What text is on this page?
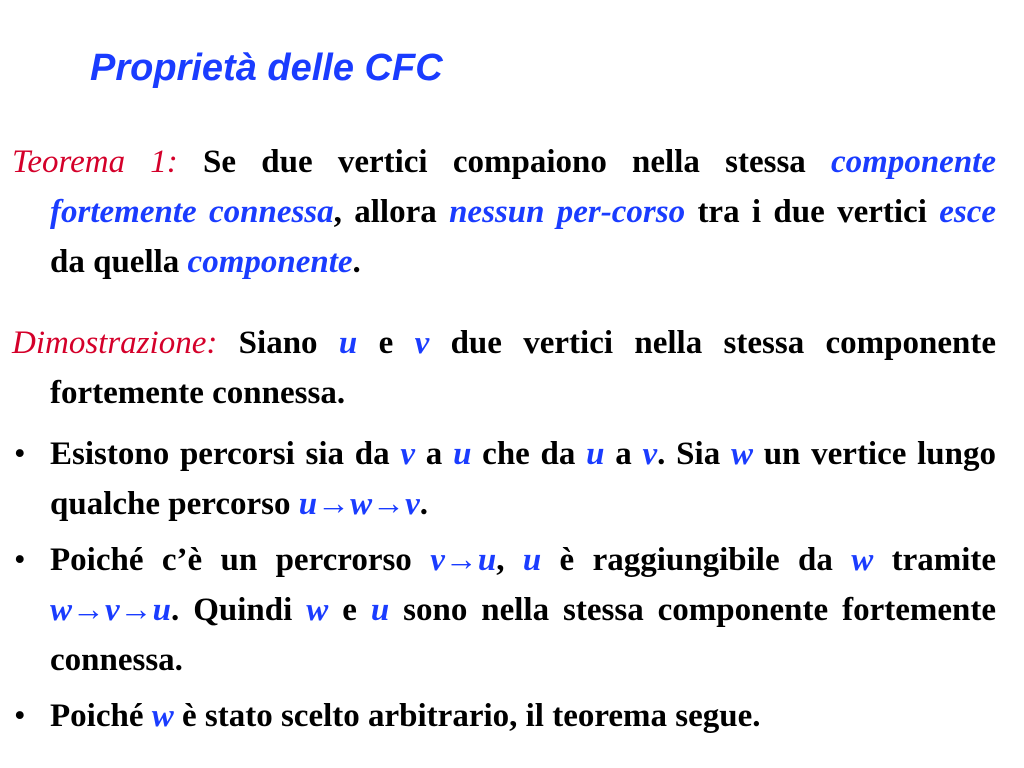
Proprietà delle CFC

Teorema 1: Se due vertici compaiono nella stessa componente fortemente connessa, allora nessun per-corso tra i due vertici esce da quella componente.

Dimostrazione: Siano u e v due vertici nella stessa componente fortemente connessa.

• Esistono percorsi sia da v a u che da u a v. Sia w un vertice lungo qualche percorso u→w→v.
• Poiché c’è un percrorso v→u, u è raggiungibile da w tramite w→v→u. Quindi w e u sono nella stessa componente fortemente connessa.
• Poiché w è stato scelto arbitrario, il teorema segue.
